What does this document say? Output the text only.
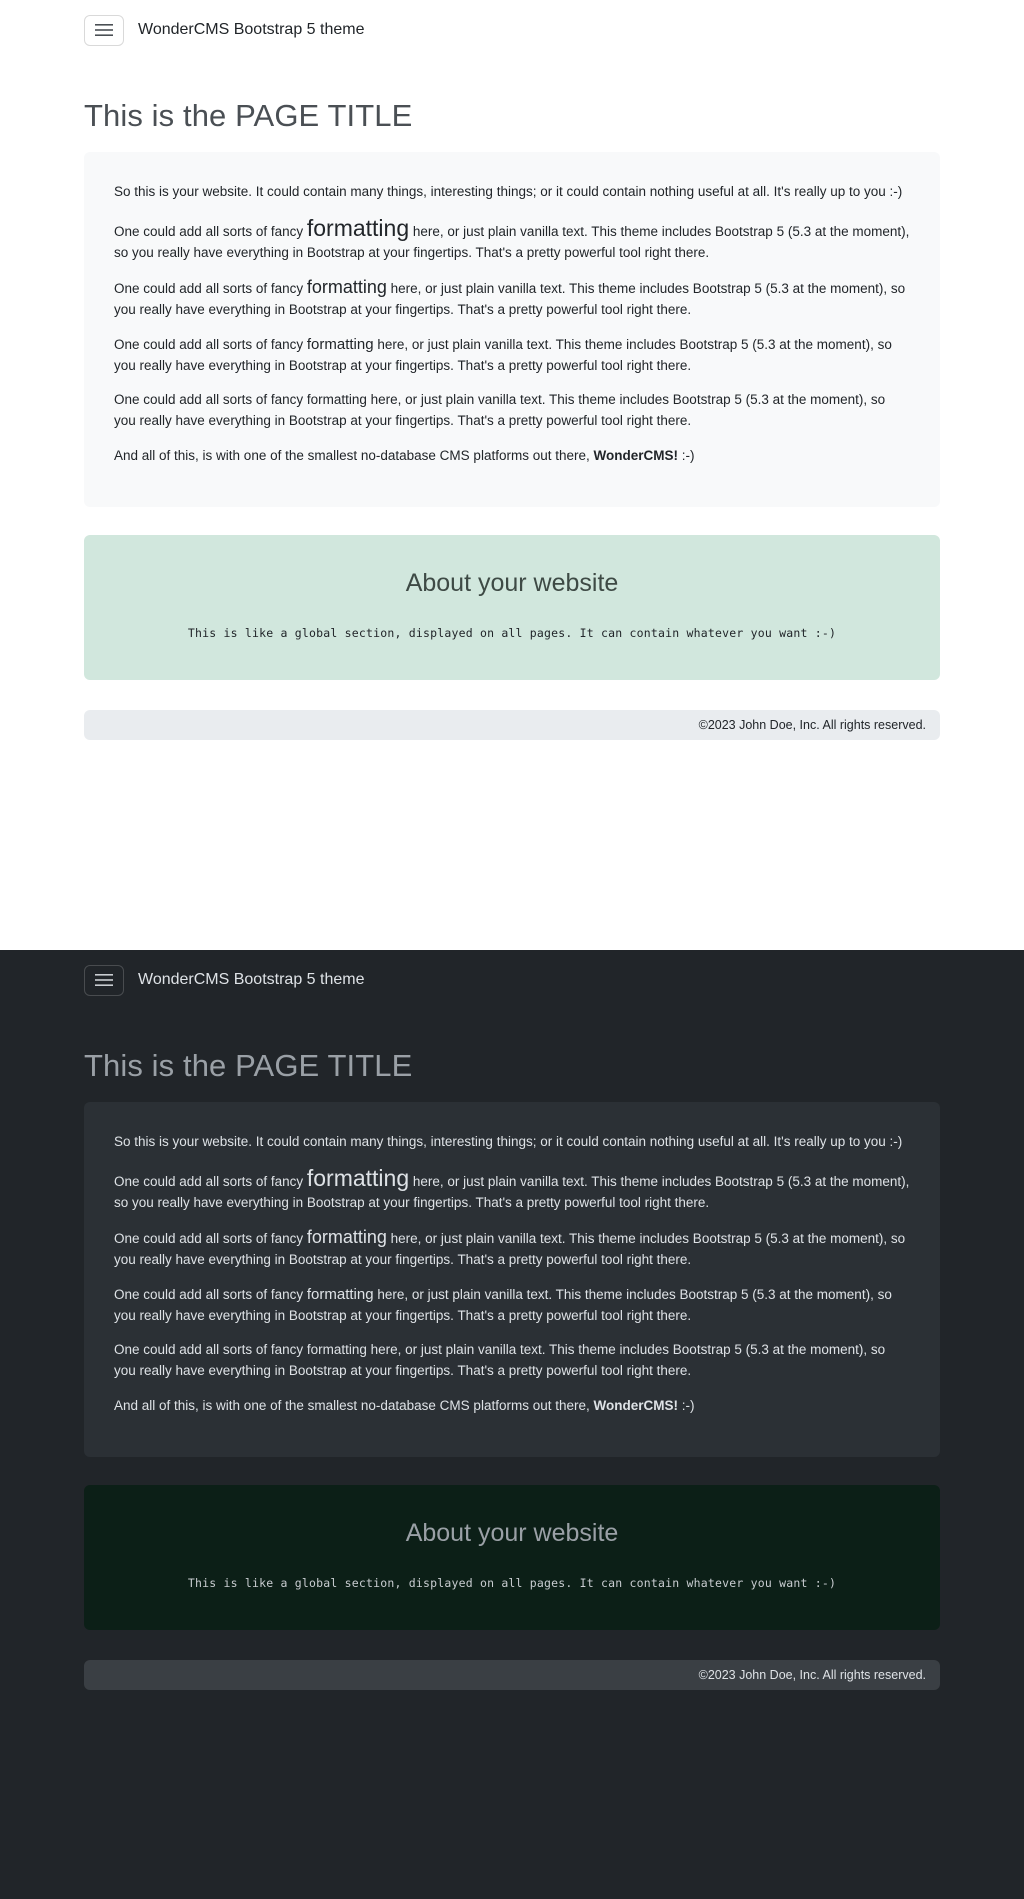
WonderCMS Bootstrap 5 theme
This is the PAGE TITLE

So this is your website. It could contain many things, interesting things; or it could contain nothing useful at all. It's really up to you :-)

One could add all sorts of fancy formatting here, or just plain vanilla text. This theme includes Bootstrap 5 (5.3 at the moment), so you really have everything in Bootstrap at your fingertips. That's a pretty powerful tool right there.

One could add all sorts of fancy formatting here, or just plain vanilla text. This theme includes Bootstrap 5 (5.3 at the moment), so you really have everything in Bootstrap at your fingertips. That's a pretty powerful tool right there.

One could add all sorts of fancy formatting here, or just plain vanilla text. This theme includes Bootstrap 5 (5.3 at the moment), so you really have everything in Bootstrap at your fingertips. That's a pretty powerful tool right there.

One could add all sorts of fancy formatting here, or just plain vanilla text. This theme includes Bootstrap 5 (5.3 at the moment), so you really have everything in Bootstrap at your fingertips. That's a pretty powerful tool right there.

And all of this, is with one of the smallest no-database CMS platforms out there, WonderCMS! :-)

About your website

This is like a global section, displayed on all pages. It can contain whatever you want :-)

©2023 John Doe, Inc. All rights reserved.
WonderCMS Bootstrap 5 theme
This is the PAGE TITLE

So this is your website. It could contain many things, interesting things; or it could contain nothing useful at all. It's really up to you :-)

One could add all sorts of fancy formatting here, or just plain vanilla text. This theme includes Bootstrap 5 (5.3 at the moment), so you really have everything in Bootstrap at your fingertips. That's a pretty powerful tool right there.

One could add all sorts of fancy formatting here, or just plain vanilla text. This theme includes Bootstrap 5 (5.3 at the moment), so you really have everything in Bootstrap at your fingertips. That's a pretty powerful tool right there.

One could add all sorts of fancy formatting here, or just plain vanilla text. This theme includes Bootstrap 5 (5.3 at the moment), so you really have everything in Bootstrap at your fingertips. That's a pretty powerful tool right there.

One could add all sorts of fancy formatting here, or just plain vanilla text. This theme includes Bootstrap 5 (5.3 at the moment), so you really have everything in Bootstrap at your fingertips. That's a pretty powerful tool right there.

And all of this, is with one of the smallest no-database CMS platforms out there, WonderCMS! :-)

About your website

This is like a global section, displayed on all pages. It can contain whatever you want :-)

©2023 John Doe, Inc. All rights reserved.
